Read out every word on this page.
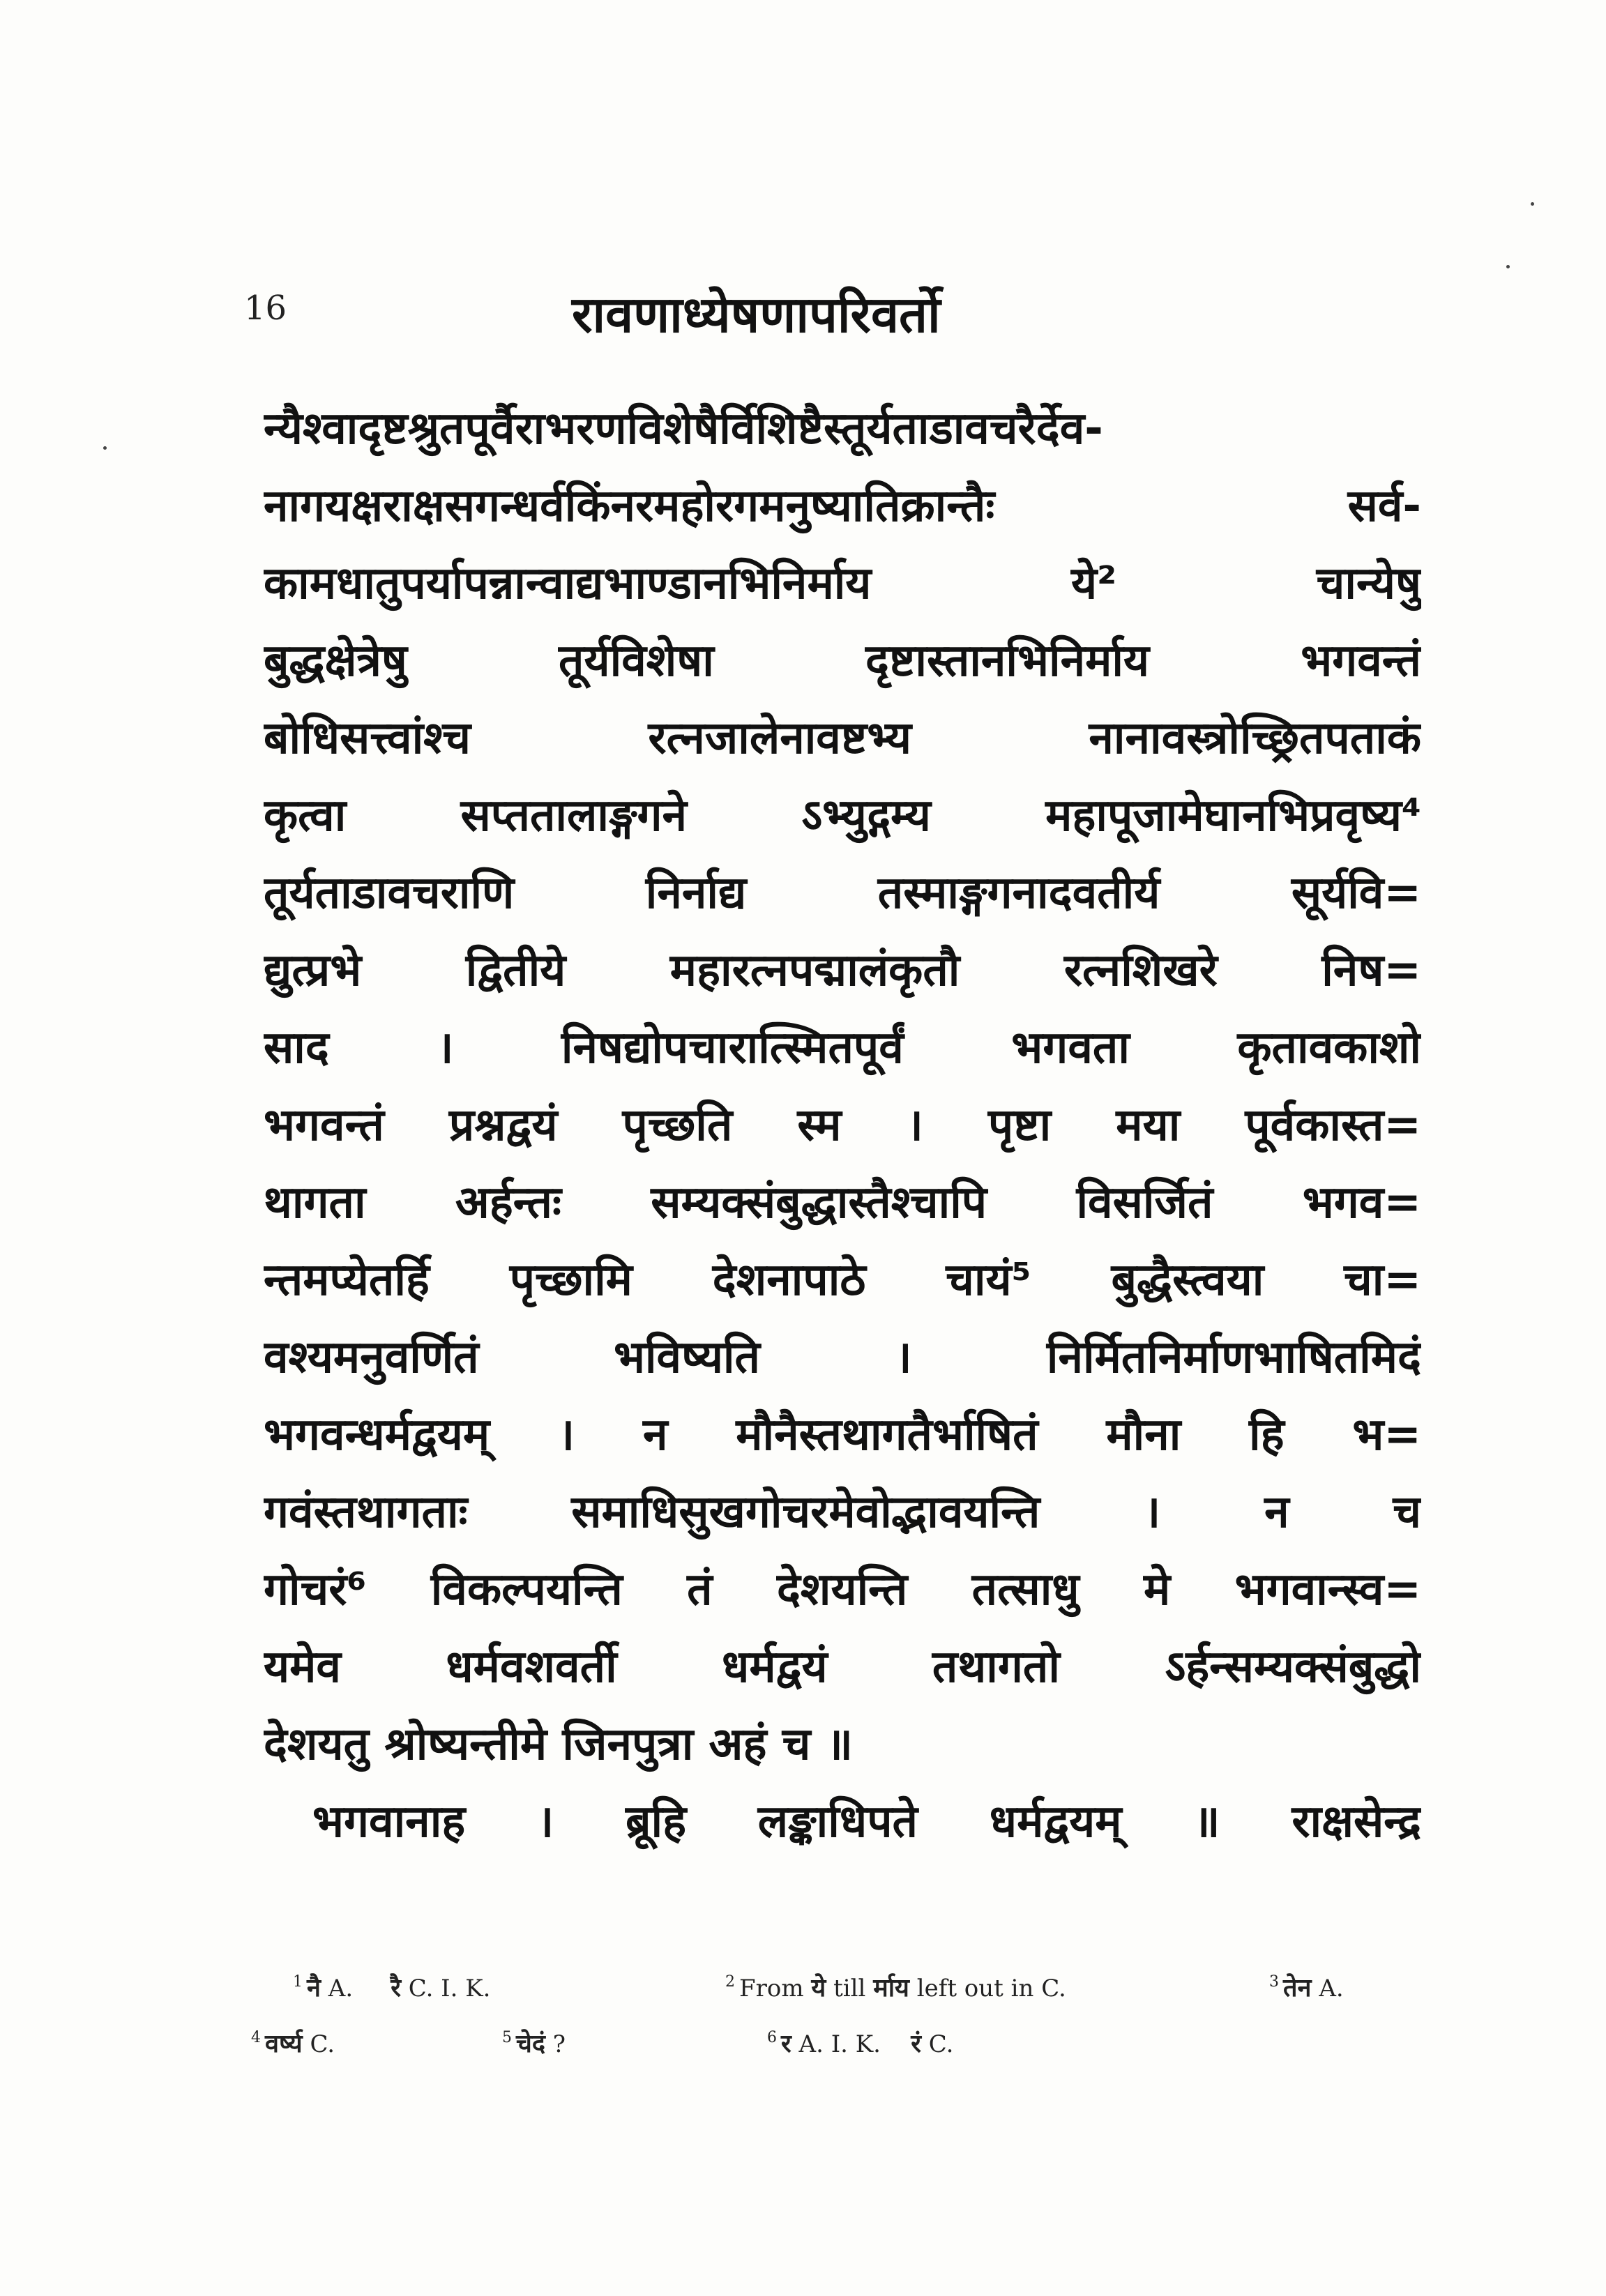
16	रावणाध्येषणापरिवर्तो
न्यैश्वादृष्टश्रुतपूर्वैराभरणविशेषैर्विशिष्टैस्तूर्यताडावचरैर्देव-
नागयक्षराक्षसगन्धर्वकिंनरमहोरगमनुष्यातिक्रान्तैः सर्व-
कामधातुपर्यापन्नान्वाद्यभाण्डानभिनिर्माय ये² चान्येषु
बुद्धक्षेत्रेषु तूर्यविशेषा दृष्टास्तानभिनिर्माय भगवन्तं
बोधिसत्त्वांश्च रत्नजालेनावष्टभ्य नानावस्त्रोच्छ्रितपताकं
कृत्वा सप्ततालाङ्गगने ऽभ्युद्गम्य महापूजामेघानभिप्रवृष्य⁴
तूर्यताडावचराणि निर्नाद्य तस्माङ्गगनादवतीर्य सूर्यवि=
द्युत्प्रभे द्वितीये महारत्नपद्मालंकृतौ रत्नशिखरे निष=
साद । निषद्योपचारात्स्मितपूर्वं भगवता कृतावकाशो
भगवन्तं प्रश्नद्वयं पृच्छति स्म । पृष्टा मया पूर्वकास्त=
थागता अर्हन्तः सम्यक्संबुद्धास्तैश्चापि विसर्जितं भगव=
न्तमप्येतर्हि पृच्छामि देशनापाठे चायं⁵ बुद्धैस्त्वया चा=
वश्यमनुवर्णितं भविष्यति । निर्मितनिर्माणभाषितमिदं
भगवन्धर्मद्वयम् । न मौनैस्तथागतैर्भाषितं मौना हि भ=
गवंस्तथागताः समाधिसुखगोचरमेवोद्भावयन्ति । न च
गोचरं⁶ विकल्पयन्ति तं देशयन्ति तत्साधु मे भगवान्स्व=
यमेव धर्मवशवर्ती धर्मद्वयं तथागतो ऽर्हन्सम्यक्संबुद्धो
देशयतु श्रोष्यन्तीमे जिनपुत्रा अहं च ॥
भगवानाह । ब्रूहि लङ्काधिपते धर्मद्वयम् ॥ राक्षसेन्द्र
$^1$ नै A. रै C. I. K.	$^2$ From ये till र्माय left out in C.	$^3$ तेन A.
$^4$ वर्ष्य C.	$^5$ चेदं ?	$^6$ र A. I. K. रं C.
